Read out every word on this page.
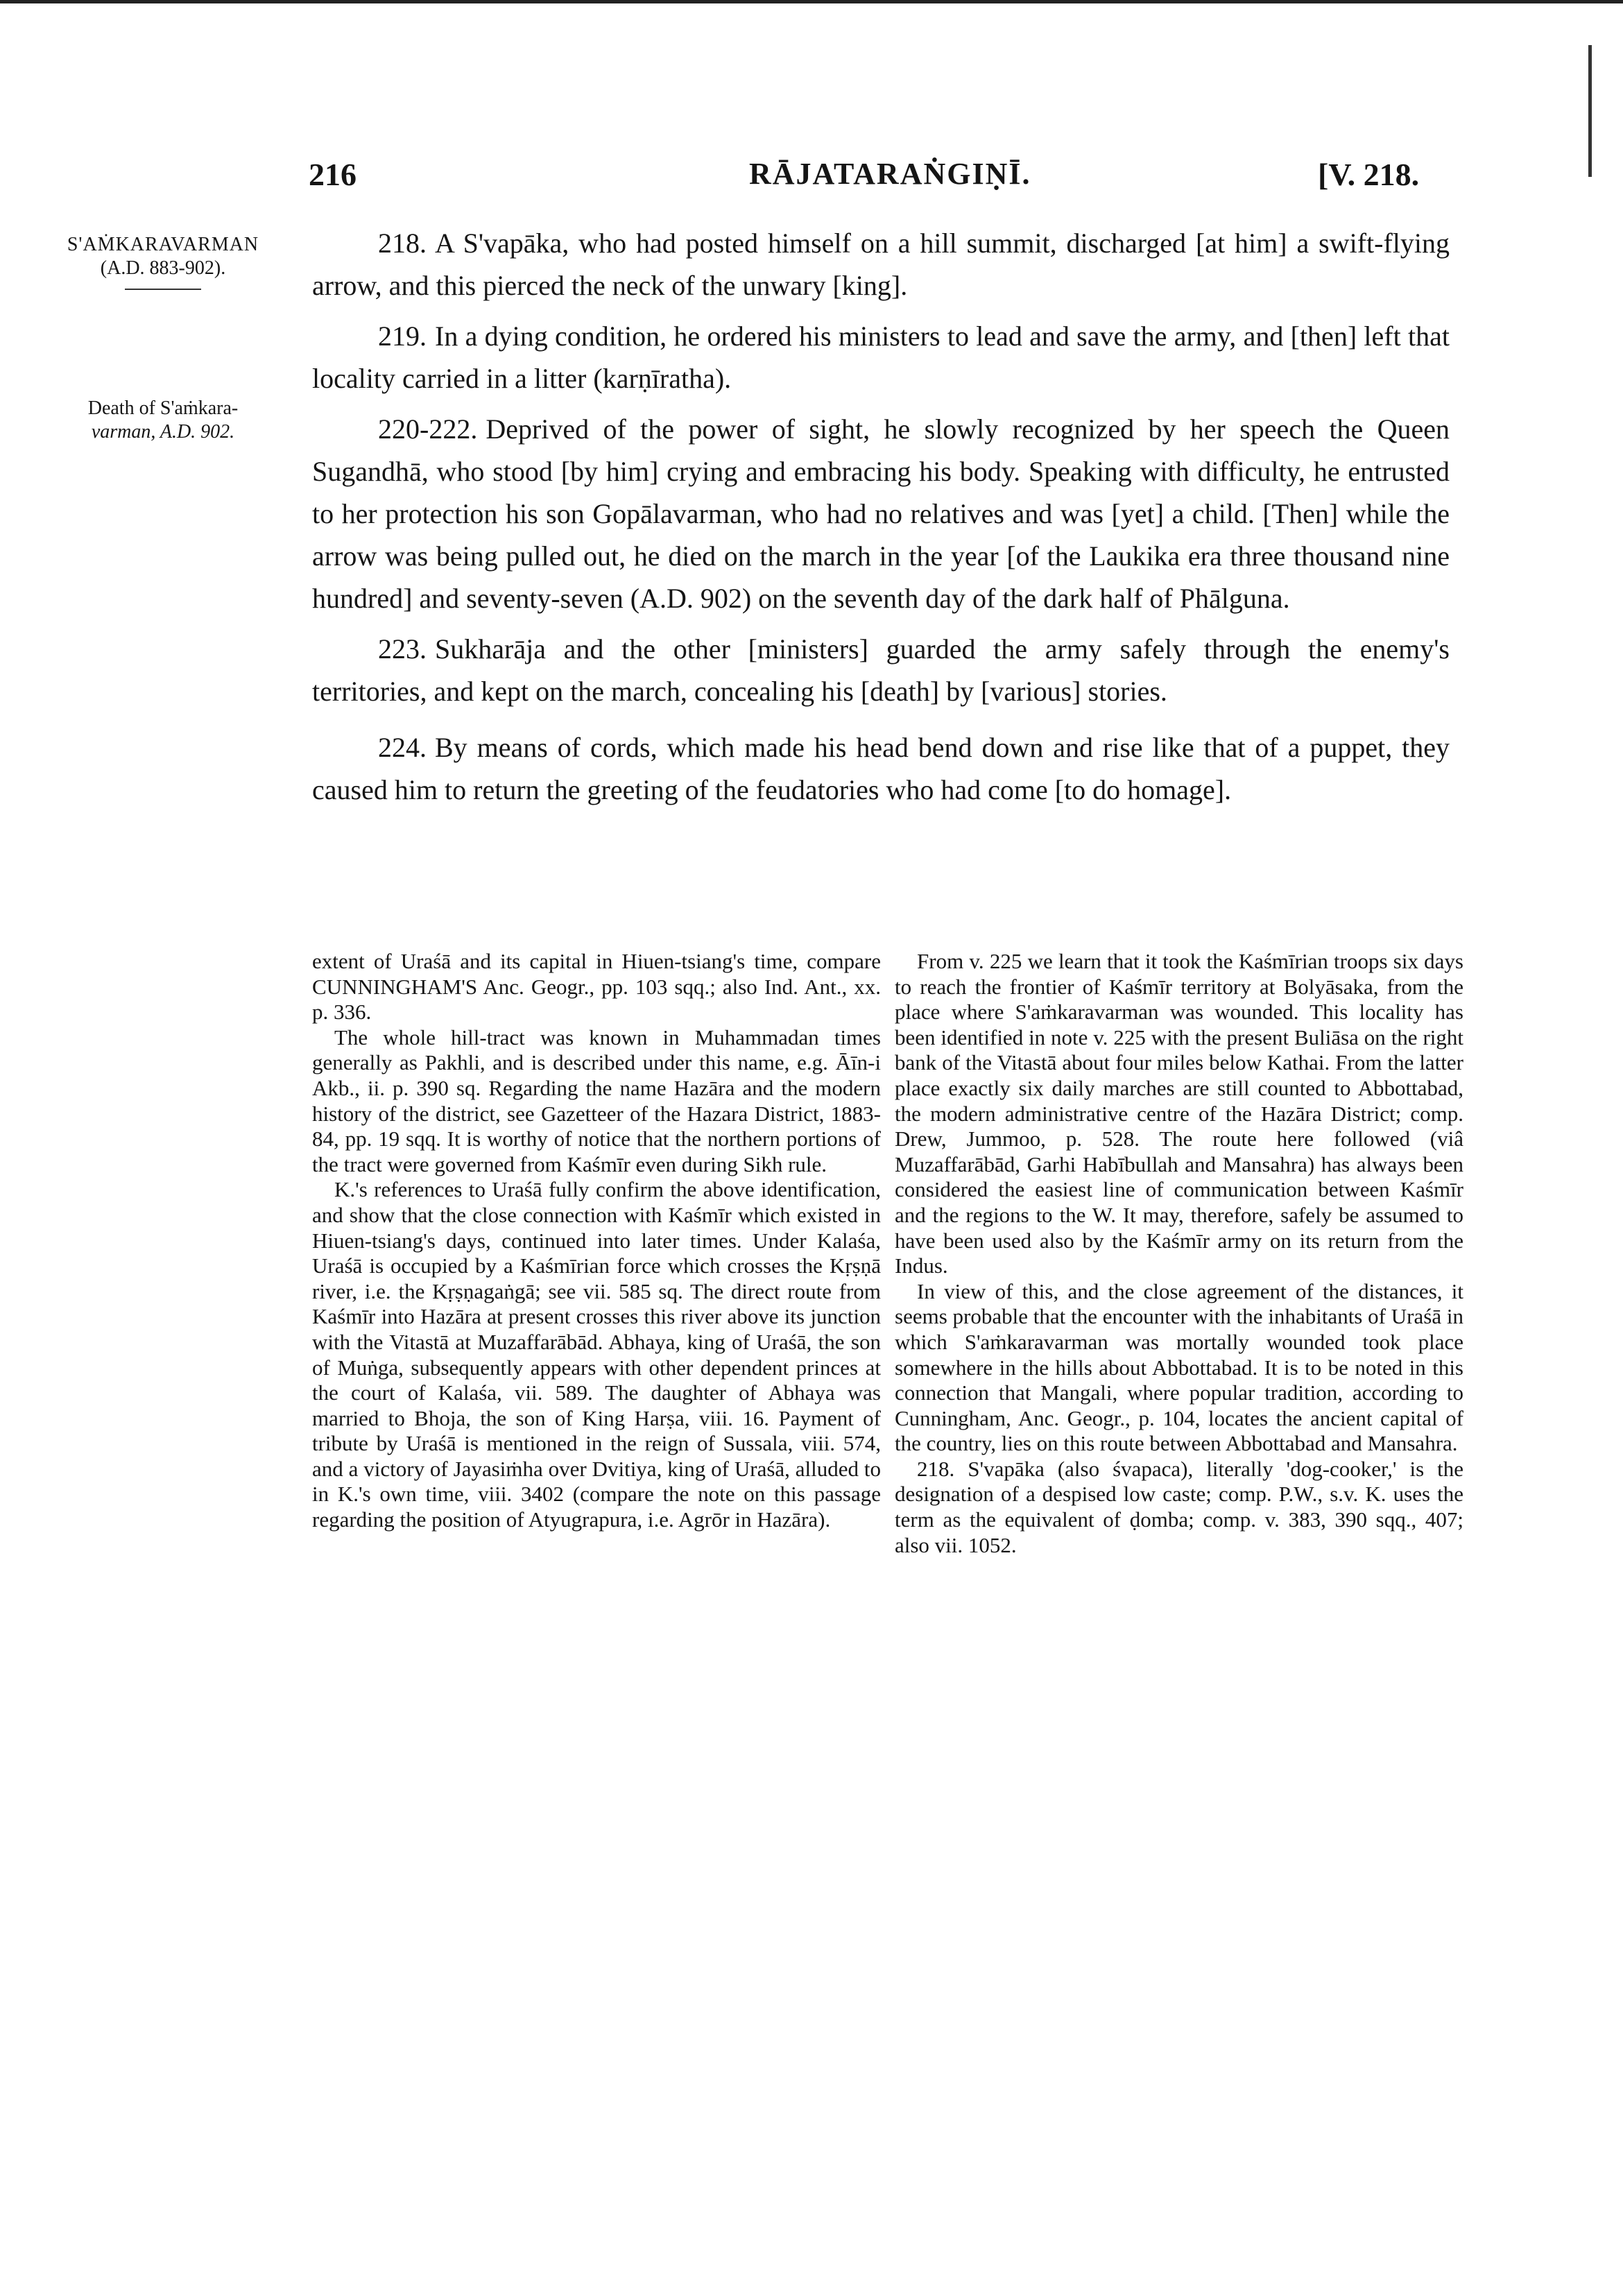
216	RĀJATARAṄGIṆĪ.	[V. 218.
S'AṀKARAVARMAN
(A.D. 883-902).
Death of S'aṁkara-
varman, A.D. 902.

218. A S'vapāka, who had posted himself on a hill summit, discharged [at him] a swift-flying arrow, and this pierced the neck of the unwary [king].

219. In a dying condition, he ordered his ministers to lead and save the army, and [then] left that locality carried in a litter (karṇīratha).

220-222. Deprived of the power of sight, he slowly recognized by her speech the Queen Sugandhā, who stood [by him] crying and embracing his body. Speaking with difficulty, he entrusted to her protection his son Gopālavarman, who had no relatives and was [yet] a child. [Then] while the arrow was being pulled out, he died on the march in the year [of the Laukika era three thousand nine hundred] and seventy-seven (A.D. 902) on the seventh day of the dark half of Phālguna.

223. Sukharāja and the other [ministers] guarded the army safely through the enemy's territories, and kept on the march, concealing his [death] by [various] stories.

224. By means of cords, which made his head bend down and rise like that of a puppet, they caused him to return the greeting of the feudatories who had come [to do homage].

extent of Uraśā and its capital in Hiuen-tsiang's time, compare CUNNINGHAM'S Anc. Geogr., pp. 103 sqq.; also Ind. Ant., xx. p. 336.

The whole hill-tract was known in Muhammadan times generally as Pakhli, and is described under this name, e.g. Āīn-i Akb., ii. p. 390 sq. Regarding the name Hazāra and the modern history of the district, see Gazetteer of the Hazara District, 1883-84, pp. 19 sqq. It is worthy of notice that the northern portions of the tract were governed from Kaśmīr even during Sikh rule.

K.'s references to Uraśā fully confirm the above identification, and show that the close connection with Kaśmīr which existed in Hiuen-tsiang's days, continued into later times. Under Kalaśa, Uraśā is occupied by a Kaśmīrian force which crosses the Kṛṣṇā river, i.e. the Kṛṣṇagaṅgā; see vii. 585 sq. The direct route from Kaśmīr into Hazāra at present crosses this river above its junction with the Vitastā at Muzaffarābād. Abhaya, king of Uraśā, the son of Muṅga, subsequently appears with other dependent princes at the court of Kalaśa, vii. 589. The daughter of Abhaya was married to Bhoja, the son of King Harṣa, viii. 16. Payment of tribute by Uraśā is mentioned in the reign of Sussala, viii. 574, and a victory of Jayasiṁha over Dvitiya, king of Uraśā, alluded to in K.'s own time, viii. 3402 (compare the note on this passage regarding the position of Atyugrapura, i.e. Agrōr in Hazāra).

From v. 225 we learn that it took the Kaśmīrian troops six days to reach the frontier of Kaśmīr territory at Bolyāsaka, from the place where S'aṁkaravarman was wounded. This locality has been identified in note v. 225 with the present Buliāsa on the right bank of the Vitastā about four miles below Kathai. From the latter place exactly six daily marches are still counted to Abbottabad, the modern administrative centre of the Hazāra District; comp. Drew, Jummoo, p. 528. The route here followed (viâ Muzaffarābād, Garhi Habībullah and Mansahra) has always been considered the easiest line of communication between Kaśmīr and the regions to the W. It may, therefore, safely be assumed to have been used also by the Kaśmīr army on its return from the Indus.

In view of this, and the close agreement of the distances, it seems probable that the encounter with the inhabitants of Uraśā in which S'aṁkaravarman was mortally wounded took place somewhere in the hills about Abbottabad. It is to be noted in this connection that Mangali, where popular tradition, according to Cunningham, Anc. Geogr., p. 104, locates the ancient capital of the country, lies on this route between Abbottabad and Mansahra.

218. S'vapāka (also śvapaca), literally 'dog-cooker,' is the designation of a despised low caste; comp. P.W., s.v. K. uses the term as the equivalent of ḍomba; comp. v. 383, 390 sqq., 407; also vii. 1052.
